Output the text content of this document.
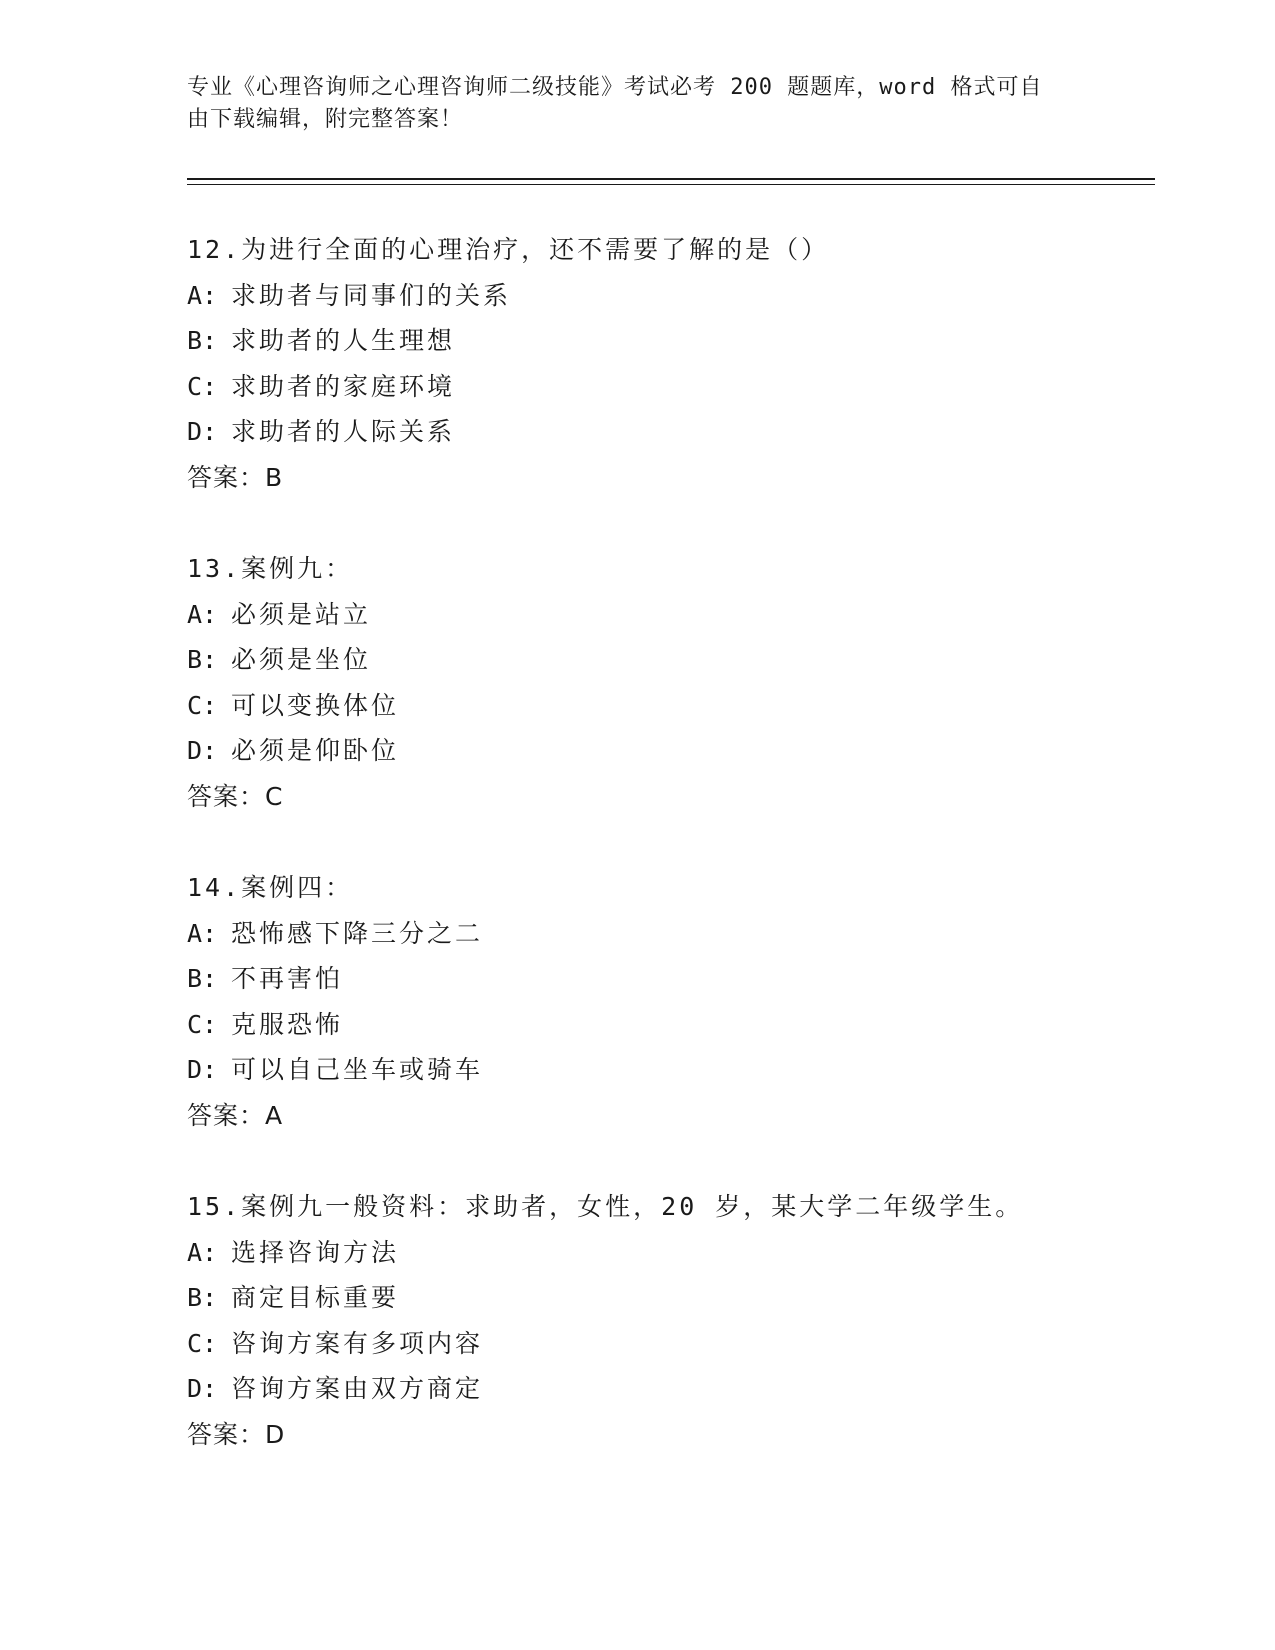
专业《心理咨询师之心理咨询师二级技能》考试必考 200 题题库，word 格式可自
由下载编辑，附完整答案！
12.为进行全面的心理治疗，还不需要了解的是（）
A: 求助者与同事们的关系
B: 求助者的人生理想
C: 求助者的家庭环境
D: 求助者的人际关系
答案：B
13.案例九：
A: 必须是站立
B: 必须是坐位
C: 可以变换体位
D: 必须是仰卧位
答案：C
14.案例四：
A: 恐怖感下降三分之二
B: 不再害怕
C: 克服恐怖
D: 可以自己坐车或骑车
答案：A
15.案例九一般资料：求助者，女性，20 岁，某大学二年级学生。
A: 选择咨询方法
B: 商定目标重要
C: 咨询方案有多项内容
D: 咨询方案由双方商定
答案：D
